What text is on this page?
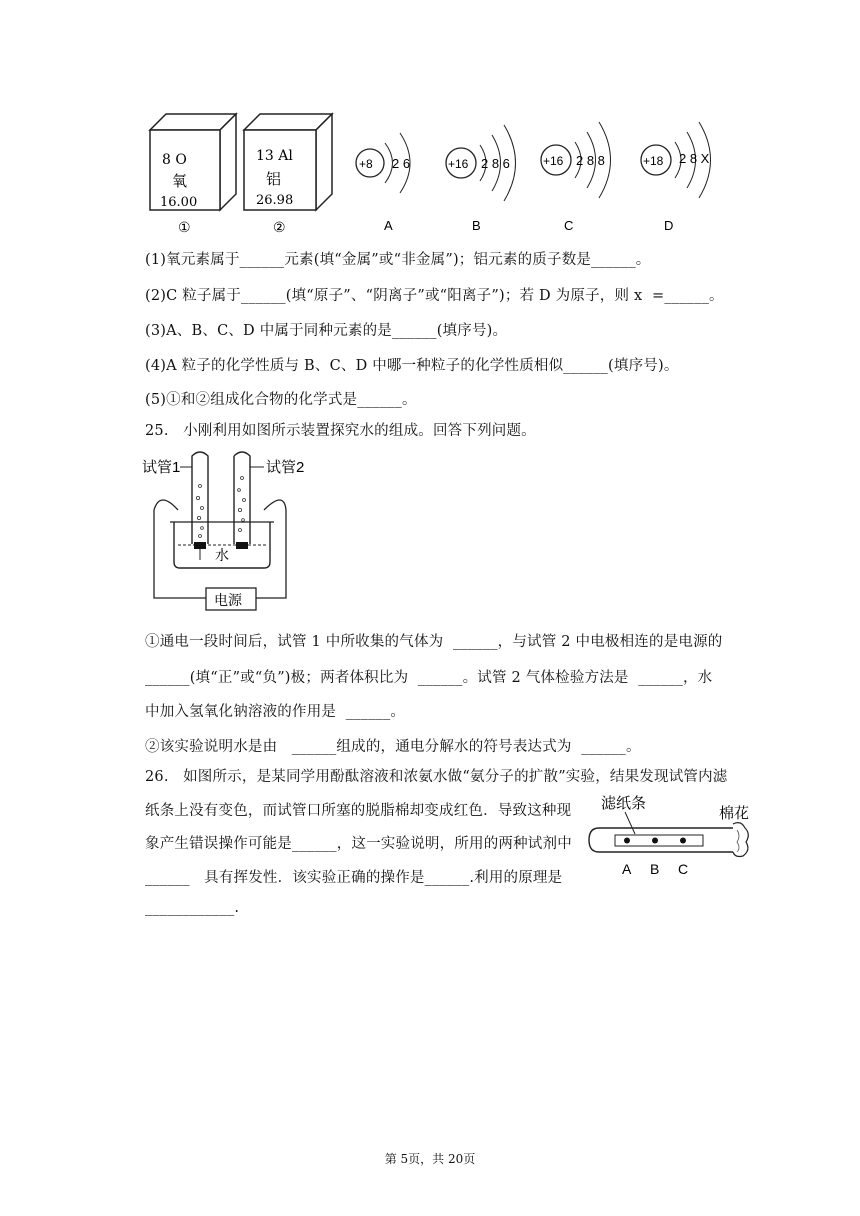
8 O
氧
16.00
①
13 Al
铝
26.98
②
+8 2 6
A
+16 2 8 6
B
+16 2 8 8
C
+18 2 8 X
D
(1)氧元素属于______元素(填“金属”或“非金属”)；铝元素的质子数是______。
(2)C 粒子属于______(填“原子”、“阴离子”或“阳离子”)；若 D 为原子，则 x  =______。
(3)A、B、C、D 中属于同种元素的是______(填序号)。
(4)A 粒子的化学性质与 B、C、D 中哪一种粒子的化学性质相似______(填序号)。
(5)①和②组成化合物的化学式是______。
25.   小刚利用如图所示装置探究水的组成。回答下列问题。
电源
试管1	试管2
水
①通电一段时间后，试管 1 中所收集的气体为  ______，与试管 2 中电极相连的是电源的
______(填“正”或“负”)极；两者体积比为  ______。试管 2 气体检验方法是  ______，水
中加入氢氧化钠溶液的作用是  ______。
②该实验说明水是由   ______组成的，通电分解水的符号表达式为  ______。
26.   如图所示，是某同学用酚酞溶液和浓氨水做“氨分子的扩散”实验，结果发现试管内滤
纸条上没有变色，而试管口所塞的脱脂棉却变成红色．导致这种现
象产生错误操作可能是______，这一实验说明，所用的两种试剂中
______   具有挥发性．该实验正确的操作是______.利用的原理是
____________.
滤纸条
棉花
A B C
第 5页，共 20页
